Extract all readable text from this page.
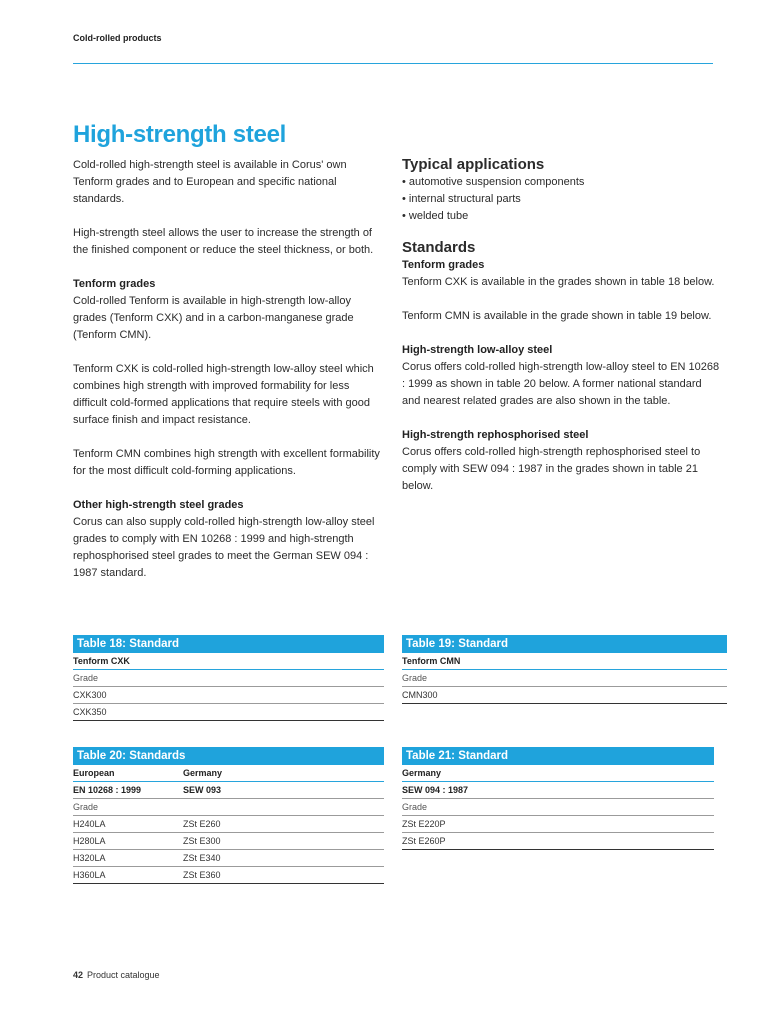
Cold-rolled products
High-strength steel

Cold-rolled high-strength steel is available in Corus' own Tenform grades and to European and specific national standards.

High-strength steel allows the user to increase the strength of the finished component or reduce the steel thickness, or both.

Tenform grades

Cold-rolled Tenform is available in high-strength low-alloy grades (Tenform CXK) and in a carbon-manganese grade (Tenform CMN).

Tenform CXK is cold-rolled high-strength low-alloy steel which combines high strength with improved formability for less difficult cold-formed applications that require steels with good surface finish and impact resistance.

Tenform CMN combines high strength with excellent formability for the most difficult cold-forming applications.

Other high-strength steel grades

Corus can also supply cold-rolled high-strength low-alloy steel grades to comply with EN 10268 : 1999 and high-strength rephosphorised steel grades to meet the German SEW 094 : 1987 standard.

Typical applications
• automotive suspension components
• internal structural parts
• welded tube
Standards
Tenform grades

Tenform CXK is available in the grades shown in table 18 below.

Tenform CMN is available in the grade shown in table 19 below.

High-strength low-alloy steel

Corus offers cold-rolled high-strength low-alloy steel to EN 10268 : 1999 as shown in table 20 below. A former national standard and nearest related grades are also shown in the table.

High-strength rephosphorised steel

Corus offers cold-rolled high-strength rephosphorised steel to comply with SEW 094 : 1987 in the grades shown in table 21 below.

Table 18: Standard
Tenform CXK
Grade
CXK300
CXK350
Table 19: Standard
Tenform CMN
Grade
CMN300
Table 20: Standards
European	Germany
EN 10268 : 1999	SEW 093
Grade	
H240LA	ZSt E260
H280LA	ZSt E300
H320LA	ZSt E340
H360LA	ZSt E360
Table 21: Standard
Germany
SEW 094 : 1987
Grade
ZSt E220P
ZSt E260P
42 Product catalogue
